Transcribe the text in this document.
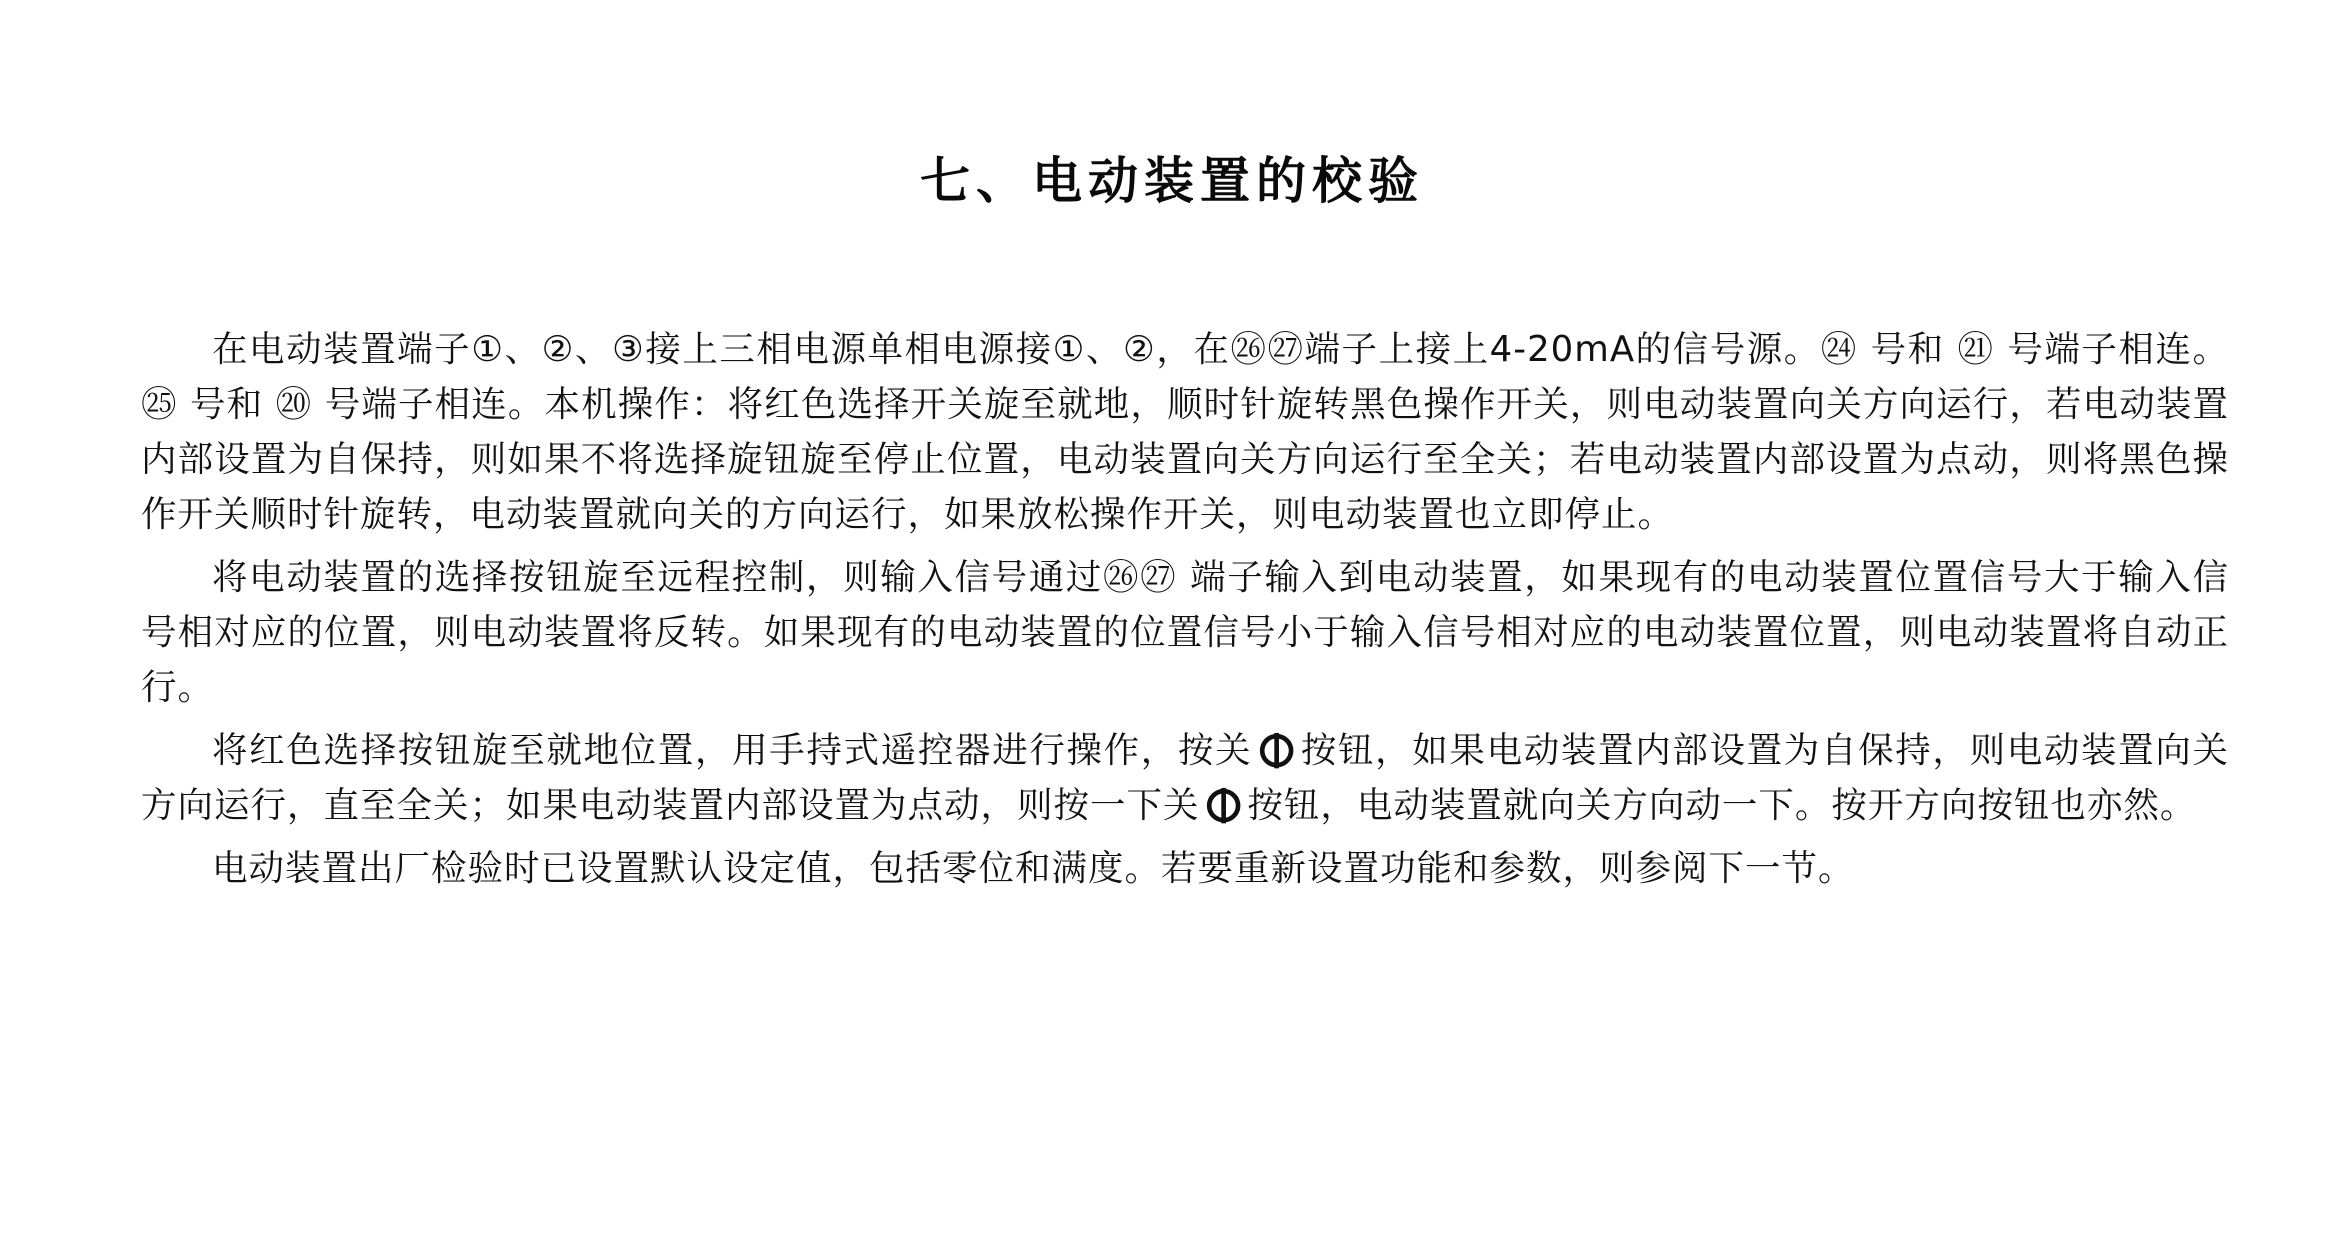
七、电动装置的校验

在电动装置端子①、②、③接上三相电源单相电源接①、②，在㉖㉗端子上接上4-20mA的信号源。㉔ 号和 ㉑ 号端子相连。㉕ 号和 ⑳ 号端子相连。本机操作：将红色选择开关旋至就地，顺时针旋转黑色操作开关，则电动装置向关方向运行，若电动装置内部设置为自保持，则如果不将选择旋钮旋至停止位置，电动装置向关方向运行至全关；若电动装置内部设置为点动，则将黑色操作开关顺时针旋转，电动装置就向关的方向运行，如果放松操作开关，则电动装置也立即停止。

将电动装置的选择按钮旋至远程控制，则输入信号通过㉖㉗ 端子输入到电动装置，如果现有的电动装置位置信号大于输入信号相对应的位置，则电动装置将反转。如果现有的电动装置的位置信号小于输入信号相对应的电动装置位置，则电动装置将自动正行。

将红色选择按钮旋至就地位置，用手持式遥控器进行操作，按关 按钮，如果电动装置内部设置为自保持，则电动装置向关方向运行，直至全关；如果电动装置内部设置为点动，则按一下关 按钮，电动装置就向关方向动一下。按开方向按钮也亦然。

电动装置出厂检验时已设置默认设定值，包括零位和满度。若要重新设置功能和参数，则参阅下一节。
